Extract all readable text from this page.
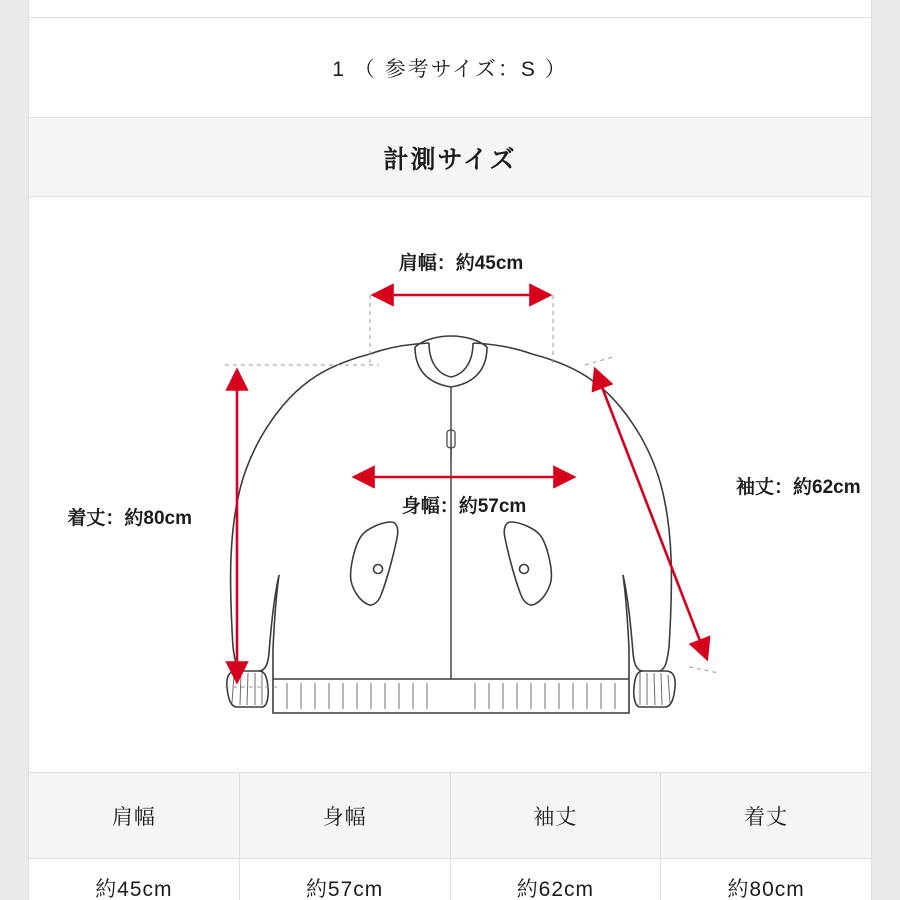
1 （ 参考サイズ：S ）
計測サイズ
肩幅：約45cm
身幅：約57cm
袖丈：約62cm
着丈：約80cm
肩幅	身幅	袖丈	着丈
約45cm	約57cm	約62cm	約80cm
